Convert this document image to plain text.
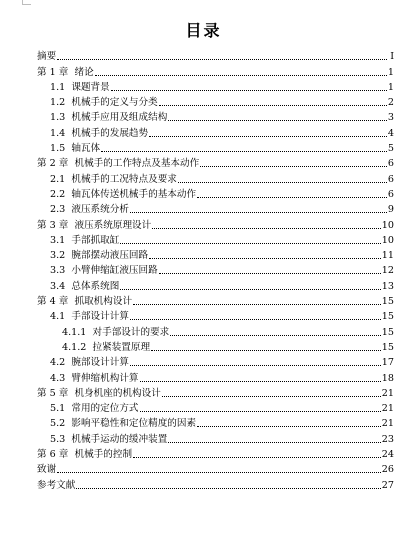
目录
摘要	I
第 1 章  绪论	1
1.1  课题背景	1
1.2  机械手的定义与分类	2
1.3  机械手应用及组成结构	3
1.4  机械手的发展趋势	4
1.5  轴瓦体	5
第 2 章  机械手的工作特点及基本动作	6
2.1  机械手的工况特点及要求	6
2.2  轴瓦体传送机械手的基本动作	6
2.3  液压系统分析	9
第 3 章  液压系统原理设计	10
3.1  手部抓取缸	10
3.2  腕部摆动液压回路	11
3.3  小臂伸缩缸液压回路	12
3.4  总体系统图	13
第 4 章  抓取机构设计	15
4.1  手部设计计算	15
4.1.1  对手部设计的要求	15
4.1.2  拉紧装置原理	15
4.2  腕部设计计算	17
4.3  臂伸缩机构计算	18
第 5 章  机身机座的机构设计	21
5.1  常用的定位方式	21
5.2  影响平稳性和定位精度的因素	21
5.3  机械手运动的缓冲装置	23
第 6 章  机械手的控制	24
致谢	26
参考文献	27
